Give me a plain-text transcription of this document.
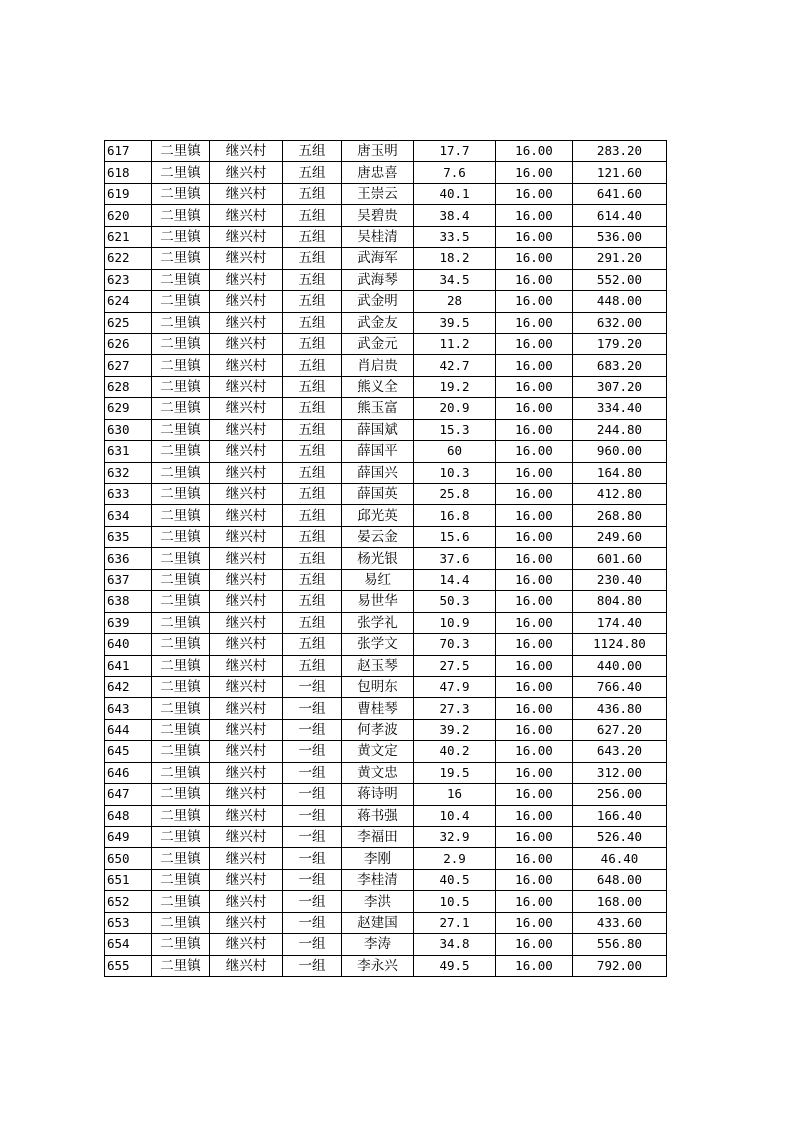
617	二里镇	继兴村	五组	唐玉明	17.7	16.00	283.20
618	二里镇	继兴村	五组	唐忠喜	7.6	16.00	121.60
619	二里镇	继兴村	五组	王崇云	40.1	16.00	641.60
620	二里镇	继兴村	五组	吴碧贵	38.4	16.00	614.40
621	二里镇	继兴村	五组	吴桂清	33.5	16.00	536.00
622	二里镇	继兴村	五组	武海军	18.2	16.00	291.20
623	二里镇	继兴村	五组	武海琴	34.5	16.00	552.00
624	二里镇	继兴村	五组	武金明	28	16.00	448.00
625	二里镇	继兴村	五组	武金友	39.5	16.00	632.00
626	二里镇	继兴村	五组	武金元	11.2	16.00	179.20
627	二里镇	继兴村	五组	肖启贵	42.7	16.00	683.20
628	二里镇	继兴村	五组	熊义全	19.2	16.00	307.20
629	二里镇	继兴村	五组	熊玉富	20.9	16.00	334.40
630	二里镇	继兴村	五组	薛国斌	15.3	16.00	244.80
631	二里镇	继兴村	五组	薛国平	60	16.00	960.00
632	二里镇	继兴村	五组	薛国兴	10.3	16.00	164.80
633	二里镇	继兴村	五组	薛国英	25.8	16.00	412.80
634	二里镇	继兴村	五组	邱光英	16.8	16.00	268.80
635	二里镇	继兴村	五组	晏云金	15.6	16.00	249.60
636	二里镇	继兴村	五组	杨光银	37.6	16.00	601.60
637	二里镇	继兴村	五组	易红	14.4	16.00	230.40
638	二里镇	继兴村	五组	易世华	50.3	16.00	804.80
639	二里镇	继兴村	五组	张学礼	10.9	16.00	174.40
640	二里镇	继兴村	五组	张学文	70.3	16.00	1124.80
641	二里镇	继兴村	五组	赵玉琴	27.5	16.00	440.00
642	二里镇	继兴村	一组	包明东	47.9	16.00	766.40
643	二里镇	继兴村	一组	曹桂琴	27.3	16.00	436.80
644	二里镇	继兴村	一组	何孝波	39.2	16.00	627.20
645	二里镇	继兴村	一组	黄文定	40.2	16.00	643.20
646	二里镇	继兴村	一组	黄文忠	19.5	16.00	312.00
647	二里镇	继兴村	一组	蒋诗明	16	16.00	256.00
648	二里镇	继兴村	一组	蒋书强	10.4	16.00	166.40
649	二里镇	继兴村	一组	李福田	32.9	16.00	526.40
650	二里镇	继兴村	一组	李刚	2.9	16.00	46.40
651	二里镇	继兴村	一组	李桂清	40.5	16.00	648.00
652	二里镇	继兴村	一组	李洪	10.5	16.00	168.00
653	二里镇	继兴村	一组	赵建国	27.1	16.00	433.60
654	二里镇	继兴村	一组	李涛	34.8	16.00	556.80
655	二里镇	继兴村	一组	李永兴	49.5	16.00	792.00
